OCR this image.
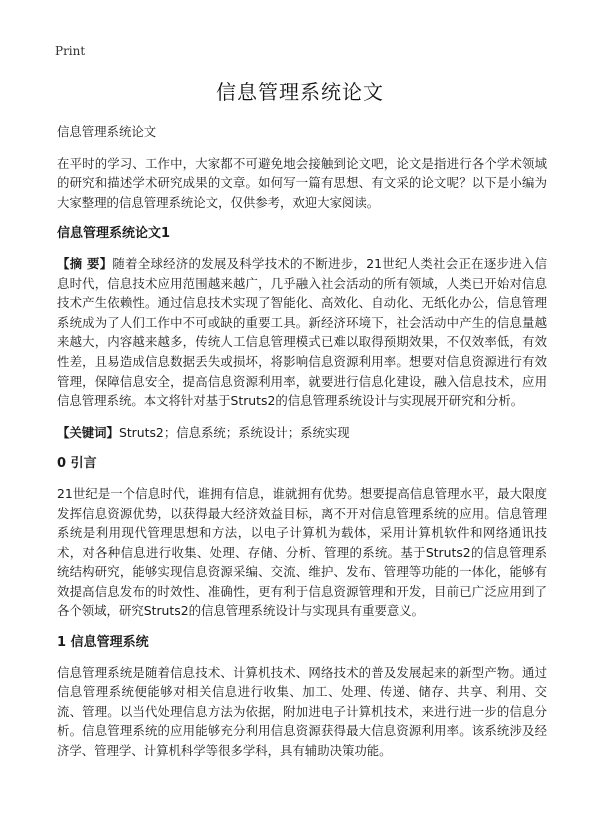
Print
信息管理系统论文

信息管理系统论文

在平时的学习、工作中，大家都不可避免地会接触到论文吧，论文是指进行各个学术领域的研究和描述学术研究成果的文章。如何写一篇有思想、有文采的论文呢？以下是小编为大家整理的信息管理系统论文，仅供参考，欢迎大家阅读。

信息管理系统论文1

【摘 要】随着全球经济的发展及科学技术的不断进步，21世纪人类社会正在逐步进入信息时代，信息技术应用范围越来越广，几乎融入社会活动的所有领域，人类已开始对信息技术产生依赖性。通过信息技术实现了智能化、高效化、自动化、无纸化办公，信息管理系统成为了人们工作中不可或缺的重要工具。新经济环境下，社会活动中产生的信息量越来越大，内容越来越多，传统人工信息管理模式已难以取得预期效果，不仅效率低，有效性差，且易造成信息数据丢失或损坏，将影响信息资源利用率。想要对信息资源进行有效管理，保障信息安全，提高信息资源利用率，就要进行信息化建设，融入信息技术，应用信息管理系统。本文将针对基于Struts2的信息管理系统设计与实现展开研究和分析。

【关键词】Struts2；信息系统；系统设计；系统实现

0 引言

21世纪是一个信息时代，谁拥有信息，谁就拥有优势。想要提高信息管理水平，最大限度发挥信息资源优势，以获得最大经济效益目标，离不开对信息管理系统的应用。信息管理系统是利用现代管理思想和方法，以电子计算机为载体，采用计算机软件和网络通讯技术，对各种信息进行收集、处理、存储、分析、管理的系统。基于Struts2的信息管理系统结构研究，能够实现信息资源采编、交流、维护、发布、管理等功能的一体化，能够有效提高信息发布的时效性、准确性，更有利于信息资源管理和开发，目前已广泛应用到了各个领域，研究Struts2的信息管理系统设计与实现具有重要意义。

1 信息管理系统

信息管理系统是随着信息技术、计算机技术、网络技术的普及发展起来的新型产物。通过信息管理系统便能够对相关信息进行收集、加工、处理、传递、储存、共享、利用、交流、管理。以当代处理信息方法为依据，附加进电子计算机技术，来进行进一步的信息分析。信息管理系统的应用能够充分利用信息资源获得最大信息资源利用率。该系统涉及经济学、管理学、计算机科学等很多学科，具有辅助决策功能。
